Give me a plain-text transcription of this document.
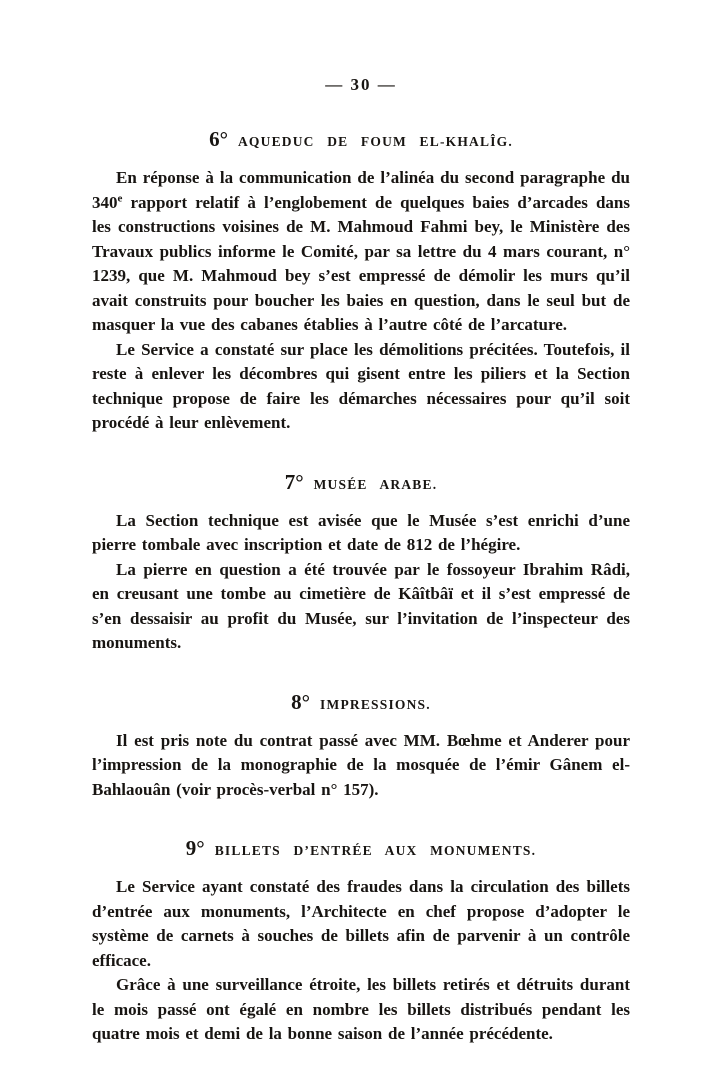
— 30 —
6° AQUEDUC DE FOUM EL-KHALÎG.

En réponse à la communication de l’alinéa du second paragraphe du 340e rapport relatif à l’englobement de quelques baies d’arcades dans les constructions voisines de M. Mahmoud Fahmi bey, le Ministère des Travaux publics informe le Comité, par sa lettre du 4 mars courant, n° 1239, que M. Mahmoud bey s’est empressé de démolir les murs qu’il avait construits pour boucher les baies en question, dans le seul but de masquer la vue des cabanes établies à l’autre côté de l’arcature.

Le Service a constaté sur place les démolitions précitées. Toutefois, il reste à enlever les décombres qui gisent entre les piliers et la Section technique propose de faire les démarches nécessaires pour qu’il soit procédé à leur enlèvement.

7° MUSÉE ARABE.

La Section technique est avisée que le Musée s’est enrichi d’une pierre tombale avec inscription et date de 812 de l’hégire.

La pierre en question a été trouvée par le fossoyeur Ibrahim Râdi, en creusant une tombe au cimetière de Kâîtbâï et il s’est empressé de s’en dessaisir au profit du Musée, sur l’invitation de l’inspecteur des monuments.

8° IMPRESSIONS.

Il est pris note du contrat passé avec MM. Bœhme et Anderer pour l’impression de la monographie de la mosquée de l’émir Gânem el-Bahlaouân (voir procès-verbal n° 157).

9° BILLETS D’ENTRÉE AUX MONUMENTS.

Le Service ayant constaté des fraudes dans la circulation des billets d’entrée aux monuments, l’Architecte en chef propose d’adopter le système de carnets à souches de billets afin de parvenir à un contrôle efficace.

Grâce à une surveillance étroite, les billets retirés et détruits durant le mois passé ont égalé en nombre les billets distribués pendant les quatre mois et demi de la bonne saison de l’année précédente.
